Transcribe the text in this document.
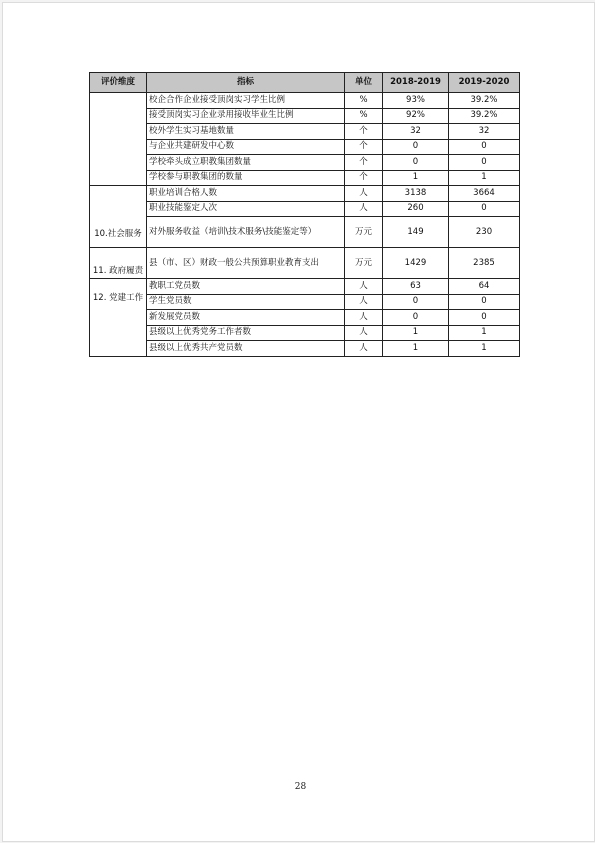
评价维度	指标	单位	2018-2019	2019-2020
	校企合作企业接受顶岗实习学生比例	%	93%	39.2%
	接受顶岗实习企业录用接收毕业生比例	%	92%	39.2%
	校外学生实习基地数量	个	32	32
	与企业共建研发中心数	个	0	0
	学校牵头成立职教集团数量	个	0	0
	学校参与职教集团的数量	个	1	1

10.社会服务	职业培训合格人数	人	3138	3664
	职业技能鉴定人次	人	260	0
	对外服务收益（培训\技术服务\技能鉴定等）	万元	149	230
11. 政府履责	县（市、区）财政一般公共预算职业教育支出	万元	1429	2385

12. 党建工作	教职工党员数	人	63	64
	学生党员数	人	0	0
	新发展党员数	人	0	0
	县级以上优秀党务工作者数	人	1	1
	县级以上优秀共产党员数	人	1	1
28
